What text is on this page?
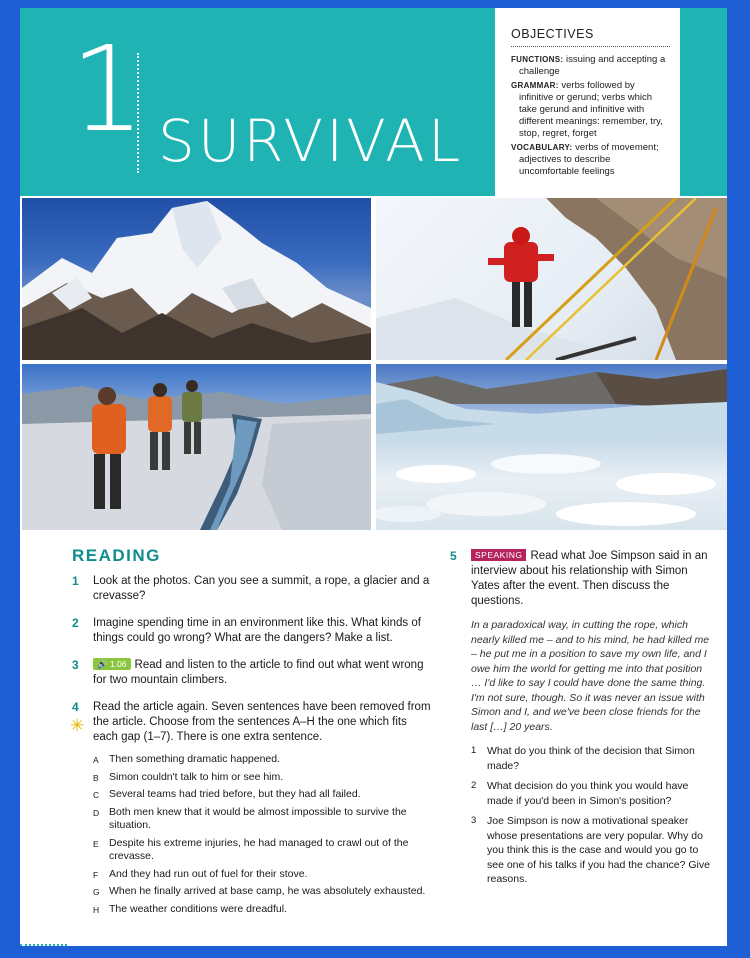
1 SURVIVAL
OBJECTIVES
FUNCTIONS: issuing and accepting a challenge
GRAMMAR: verbs followed by infinitive or gerund; verbs which take gerund and infinitive with different meanings: remember, try, stop, regret, forget
VOCABULARY: verbs of movement; adjectives to describe uncomfortable feelings
READING
1 Look at the photos. Can you see a summit, a rope, a glacier and a crevasse?
2 Imagine spending time in an environment like this. What kinds of things could go wrong? What are the dangers? Make a list.
3 🔊 1.06 Read and listen to the article to find out what went wrong for two mountain climbers.
4
✳
Read the article again. Seven sentences have been removed from the article. Choose from the sentences A–H the one which fits each gap (1–7). There is one extra sentence.
A Then something dramatic happened.
B Simon couldn't talk to him or see him.
C Several teams had tried before, but they had all failed.
D Both men knew that it would be almost impossible to survive the situation.
E Despite his extreme injuries, he had managed to crawl out of the crevasse.
F And they had run out of fuel for their stove.
G When he finally arrived at base camp, he was absolutely exhausted.
H The weather conditions were dreadful.
5 SPEAKING Read what Joe Simpson said in an interview about his relationship with Simon Yates after the event. Then discuss the questions.
In a paradoxical way, in cutting the rope, which nearly killed me – and to his mind, he had killed me – he put me in a position to save my own life, and I owe him the world for getting me into that position … I'd like to say I could have done the same thing. I'm not sure, though. So it was never an issue with Simon and I, and we've been close friends for the last […] 20 years.
1 What do you think of the decision that Simon made?
2 What decision do you think you would have made if you'd been in Simon's position?
3 Joe Simpson is now a motivational speaker whose presentations are very popular. Why do you think this is the case and would you go to see one of his talks if you had the chance? Give reasons.
